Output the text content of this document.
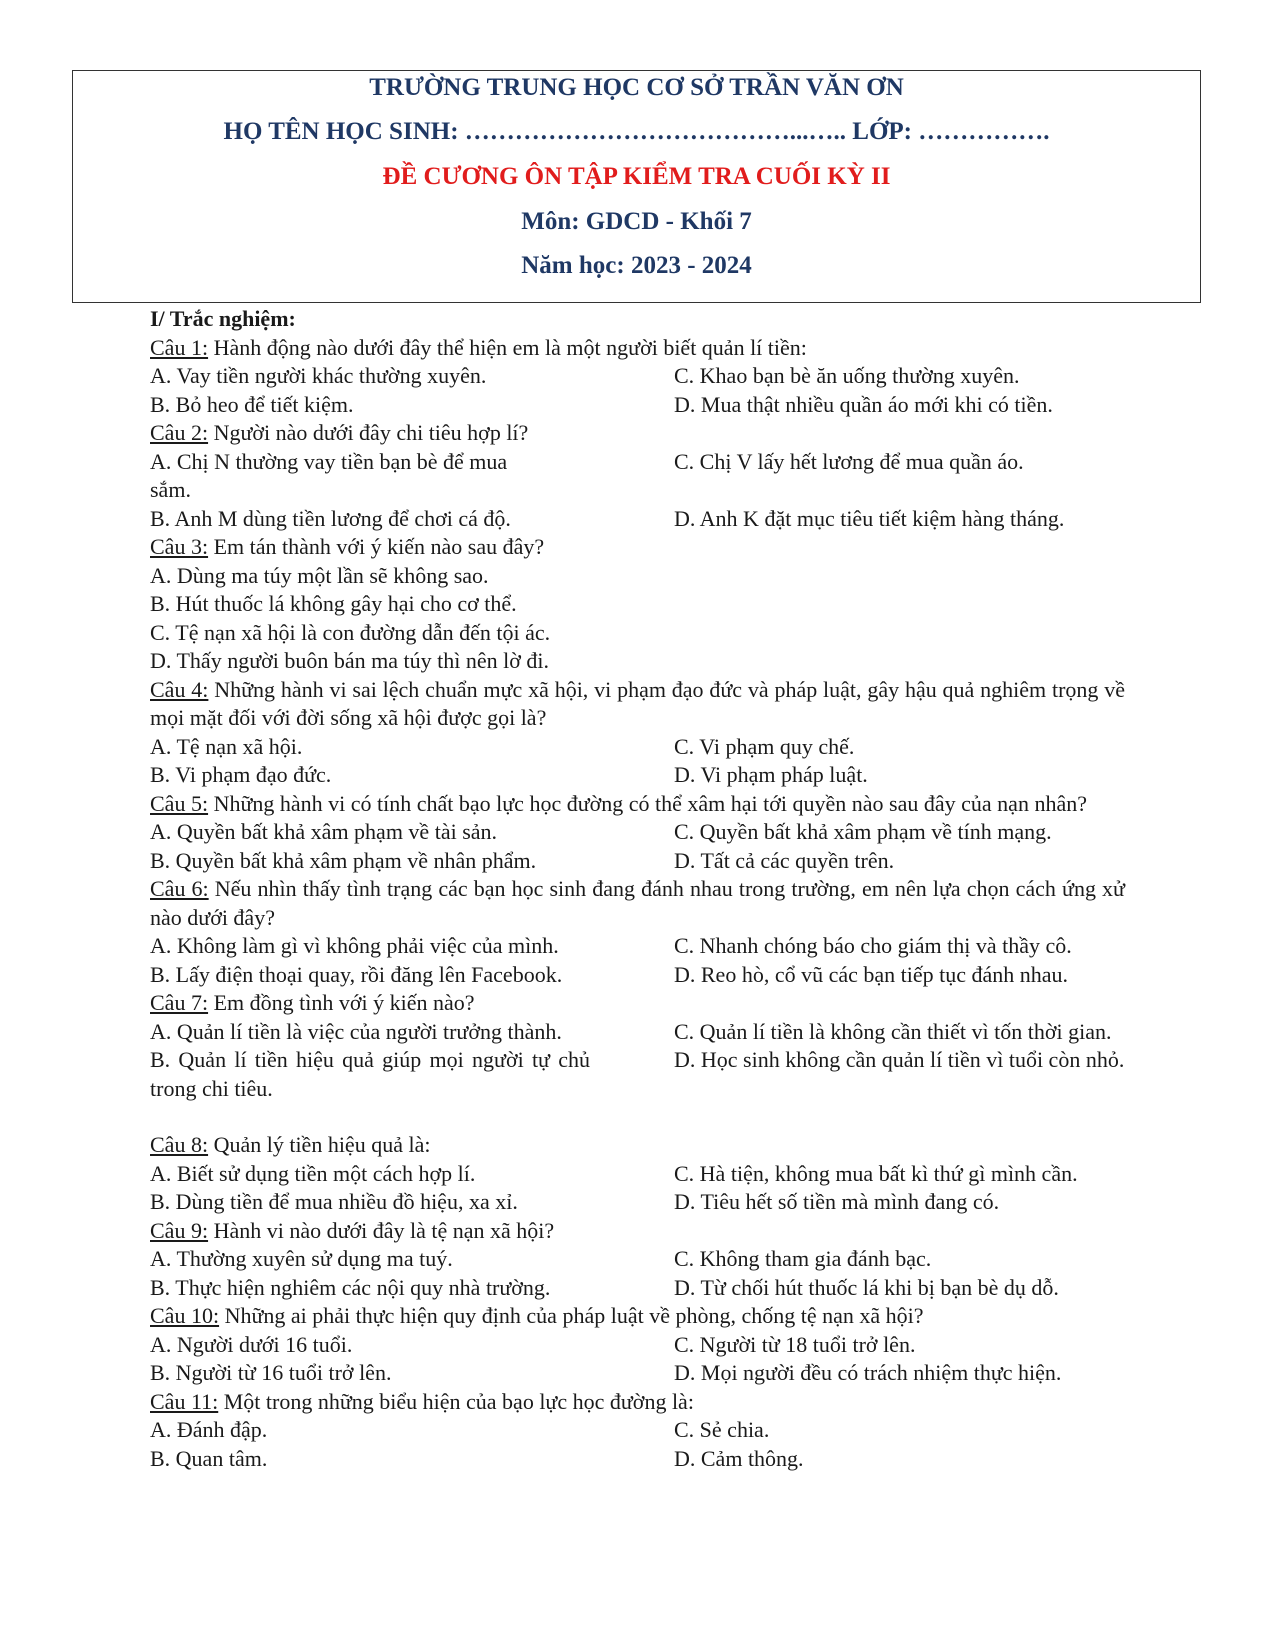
TRƯỜNG TRUNG HỌC CƠ SỞ TRẦN VĂN ƠN
HỌ TÊN HỌC SINH: …………………………………...….. LỚP: …………….
ĐỀ CƯƠNG ÔN TẬP KIỂM TRA CUỐI KỲ II
Môn: GDCD - Khối 7
Năm học: 2023 - 2024
I/ Trắc nghiệm:
Câu 1: Hành động nào dưới đây thể hiện em là một người biết quản lí tiền:
A. Vay tiền người khác thường xuyên.	C. Khao bạn bè ăn uống thường xuyên.
B. Bỏ heo để tiết kiệm.	D. Mua thật nhiều quần áo mới khi có tiền.
Câu 2: Người nào dưới đây chi tiêu hợp lí?
A. Chị N thường vay tiền bạn bè để mua sắm.
C. Chị V lấy hết lương để mua quần áo.
B. Anh M dùng tiền lương để chơi cá độ.	D. Anh K đặt mục tiêu tiết kiệm hàng tháng.
Câu 3: Em tán thành với ý kiến nào sau đây?
A. Dùng ma túy một lần sẽ không sao.
B. Hút thuốc lá không gây hại cho cơ thể.
C. Tệ nạn xã hội là con đường dẫn đến tội ác.
D. Thấy người buôn bán ma túy thì nên lờ đi.
Câu 4: Những hành vi sai lệch chuẩn mực xã hội, vi phạm đạo đức và pháp luật, gây hậu quả nghiêm trọng về mọi mặt đối với đời sống xã hội được gọi là?
A. Tệ nạn xã hội.	C. Vi phạm quy chế.
B. Vi phạm đạo đức.	D. Vi phạm pháp luật.
Câu 5: Những hành vi có tính chất bạo lực học đường có thể xâm hại tới quyền nào sau đây của nạn nhân?
A. Quyền bất khả xâm phạm về tài sản.	C. Quyền bất khả xâm phạm về tính mạng.
B. Quyền bất khả xâm phạm về nhân phẩm.	D. Tất cả các quyền trên.
Câu 6: Nếu nhìn thấy tình trạng các bạn học sinh đang đánh nhau trong trường, em nên lựa chọn cách ứng xử nào dưới đây?
A. Không làm gì vì không phải việc của mình.	C. Nhanh chóng báo cho giám thị và thầy cô.
B. Lấy điện thoại quay, rồi đăng lên Facebook.	D. Reo hò, cổ vũ các bạn tiếp tục đánh nhau.
Câu 7: Em đồng tình với ý kiến nào?
A. Quản lí tiền là việc của người trưởng thành.
B. Quản lí tiền hiệu quả giúp mọi người tự chủ trong chi tiêu.
C. Quản lí tiền là không cần thiết vì tốn thời gian.
D. Học sinh không cần quản lí tiền vì tuổi còn nhỏ.
Câu 8: Quản lý tiền hiệu quả là:
A. Biết sử dụng tiền một cách hợp lí.	C. Hà tiện, không mua bất kì thứ gì mình cần.
B. Dùng tiền để mua nhiều đồ hiệu, xa xỉ.	D. Tiêu hết số tiền mà mình đang có.
Câu 9: Hành vi nào dưới đây là tệ nạn xã hội?
A. Thường xuyên sử dụng ma tuý.	C. Không tham gia đánh bạc.
B. Thực hiện nghiêm các nội quy nhà trường.	D. Từ chối hút thuốc lá khi bị bạn bè dụ dỗ.
Câu 10: Những ai phải thực hiện quy định của pháp luật về phòng, chống tệ nạn xã hội?
A. Người dưới 16 tuổi.	C. Người từ 18 tuổi trở lên.
B. Người từ 16 tuổi trở lên.	D. Mọi người đều có trách nhiệm thực hiện.
Câu 11: Một trong những biểu hiện của bạo lực học đường là:
A. Đánh đập.	C. Sẻ chia.
B. Quan tâm.	D. Cảm thông.
